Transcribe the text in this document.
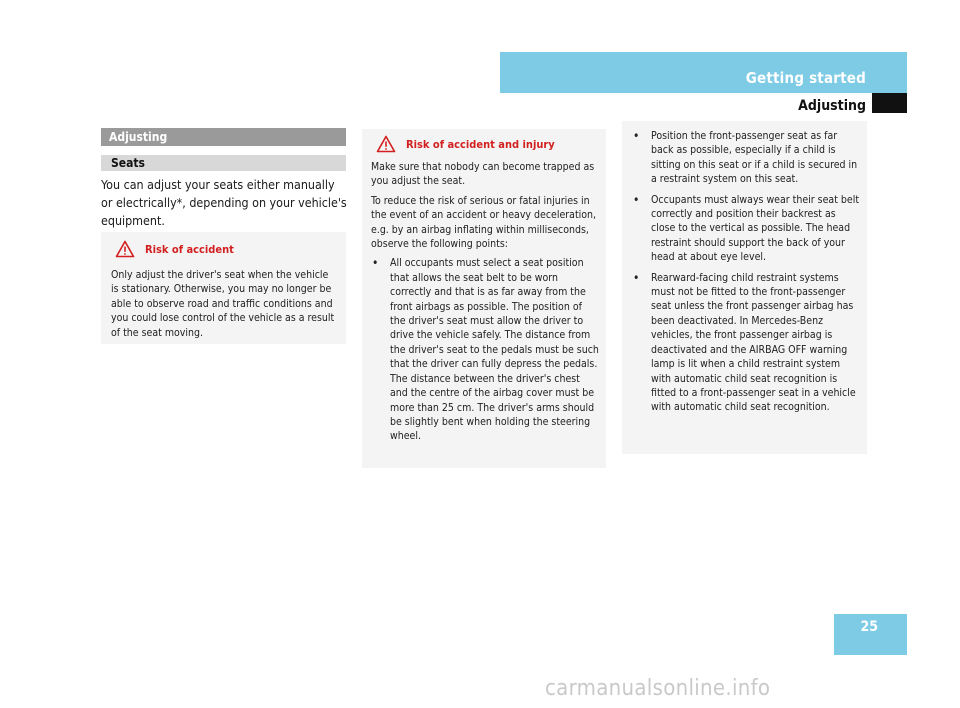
Getting started
Adjusting
Adjusting
Seats
You can adjust your seats either manually or electrically*, depending on your vehicle's equipment.
Risk of accident

Only adjust the driver's seat when the vehicle is stationary. Otherwise, you may no longer be able to observe road and traffic conditions and you could lose control of the vehicle as a result of the seat moving.

Risk of accident and injury

Make sure that nobody can become trapped as you adjust the seat.

To reduce the risk of serious or fatal injuries in the event of an accident or heavy deceleration, e.g. by an airbag inflating within milliseconds, observe the following points:

• All occupants must select a seat position that allows the seat belt to be worn correctly and that is as far away from the front airbags as possible. The position of the driver's seat must allow the driver to drive the vehicle safely. The distance from the driver's seat to the pedals must be such that the driver can fully depress the pedals. The distance between the driver's chest and the centre of the airbag cover must be more than 25 cm. The driver's arms should be slightly bent when holding the steering wheel.
• Position the front-passenger seat as far back as possible, especially if a child is sitting on this seat or if a child is secured in a restraint system on this seat.
• Occupants must always wear their seat belt correctly and position their backrest as close to the vertical as possible. The head restraint should support the back of your head at about eye level.
• Rearward-facing child restraint systems must not be fitted to the front-passenger seat unless the front passenger airbag has been deactivated. In Mercedes-Benz vehicles, the front passenger airbag is deactivated and the AIRBAG OFF warning lamp is lit when a child restraint system with automatic child seat recognition is fitted to a front-passenger seat in a vehicle with automatic child seat recognition.
25
carmanualsonline.info
